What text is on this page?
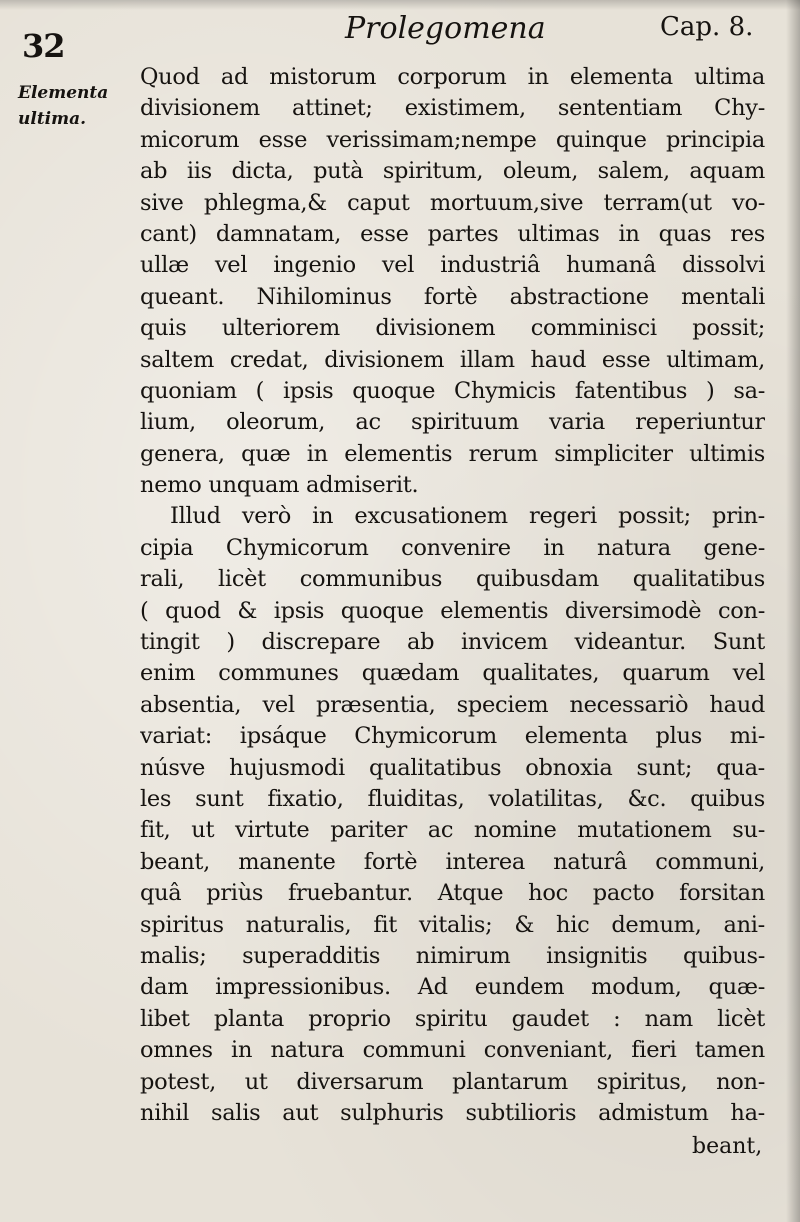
32	Prolegomena	Cap. 8.
Elementa
ultima.
Quod ad mistorum corporum in elementa ultima
divisionem attinet; existimem, sententiam Chy-
micorum esse verissimam;nempe quinque principia
ab iis dicta, putà spiritum, oleum, salem, aquam
sive phlegma,& caput mortuum,sive terram(ut vo-
cant) damnatam, esse partes ultimas in quas res
ullæ vel ingenio vel industriâ humanâ dissolvi
queant. Nihilominus fortè abstractione mentali
quis ulteriorem divisionem comminisci possit;
saltem credat, divisionem illam haud esse ultimam,
quoniam ( ipsis quoque Chymicis fatentibus ) sa-
lium, oleorum, ac spirituum varia reperiuntur
genera, quæ in elementis rerum simpliciter ultimis
nemo unquam admiserit.
Illud verò in excusationem regeri possit; prin-
cipia Chymicorum convenire in natura gene-
rali, licèt communibus quibusdam qualitatibus
( quod & ipsis quoque elementis diversimodè con-
tingit ) discrepare ab invicem videantur. Sunt
enim communes quædam qualitates, quarum vel
absentia, vel præsentia, speciem necessariò haud
variat: ipsáque Chymicorum elementa plus mi-
núsve hujusmodi qualitatibus obnoxia sunt; qua-
les sunt fixatio, fluiditas, volatilitas, &c. quibus
fit, ut virtute pariter ac nomine mutationem su-
beant, manente fortè interea naturâ communi,
quâ priùs fruebantur. Atque hoc pacto forsitan
spiritus naturalis, fit vitalis; & hic demum, ani-
malis; superadditis nimirum insignitis quibus-
dam impressionibus. Ad eundem modum, quæ-
libet planta proprio spiritu gaudet : nam licèt
omnes in natura communi conveniant, fieri tamen
potest, ut diversarum plantarum spiritus, non-
nihil salis aut sulphuris subtilioris admistum ha-
beant,
